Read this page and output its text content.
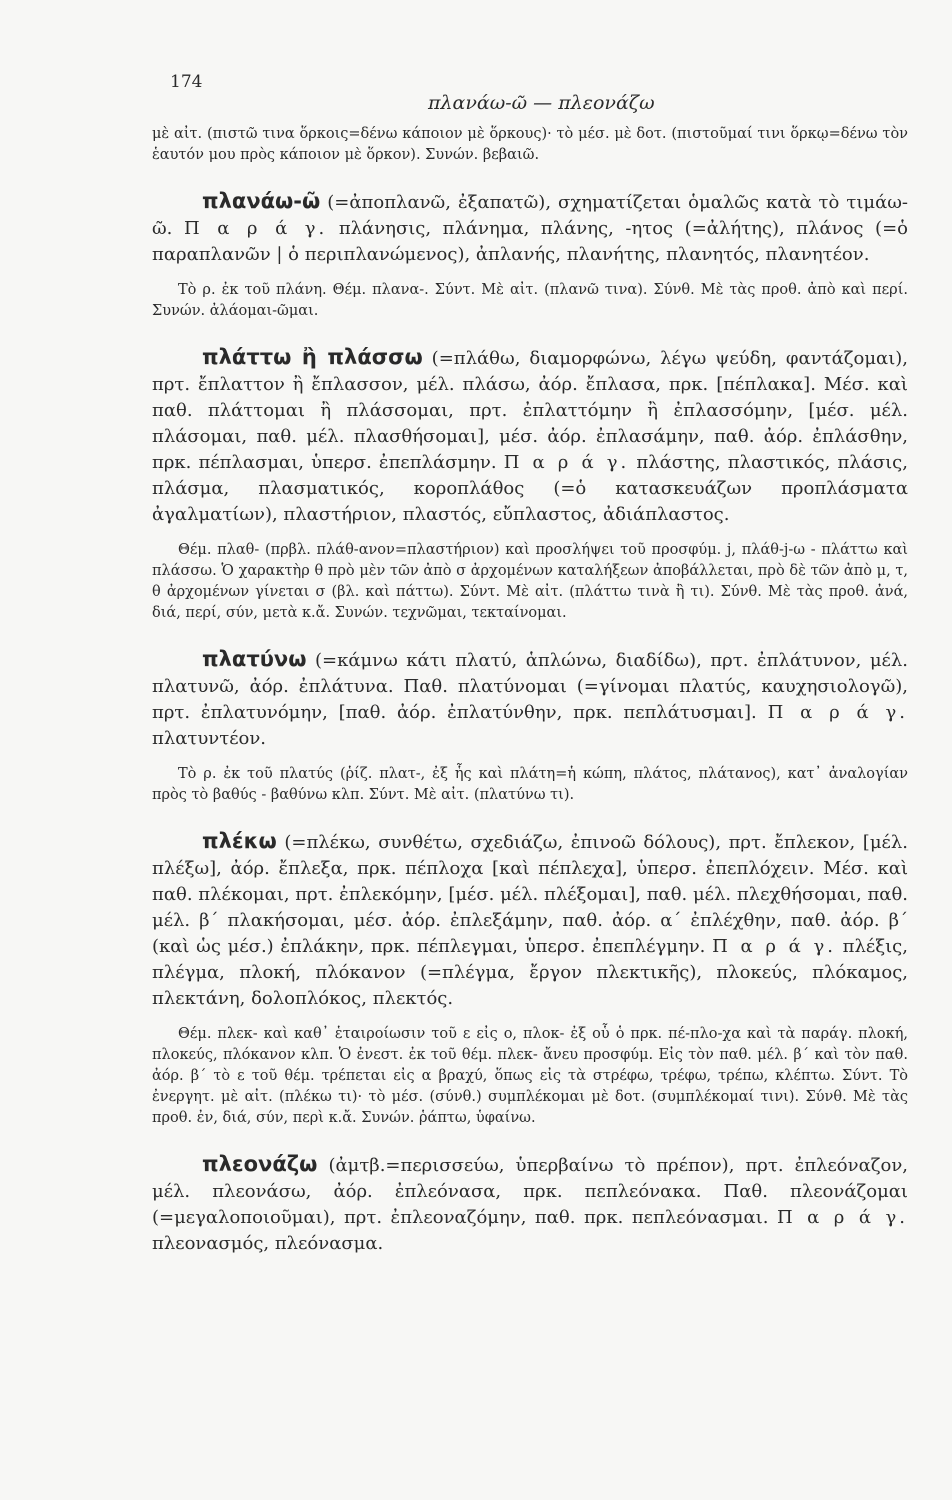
174
πλανάω-ῶ — πλεονάζω

μὲ αἰτ. (πιστῶ τινα ὅρκοις=δένω κάποιον μὲ ὅρκους)· τὸ μέσ. μὲ δοτ. (πιστοῦμαί τινι ὅρκῳ=δένω τὸν ἑαυτόν μου πρὸς κάποιον μὲ ὅρκον). Συνών. βεβαιῶ.

πλανάω-ῶ (=ἀποπλανῶ, ἐξαπατῶ), σχηματίζεται ὁμαλῶς κατὰ τὸ τιμάω-ῶ. Π α ρ ά γ. πλάνησις, πλάνημα, πλάνης, -ητος (=ἀλήτης), πλάνος (=ὁ παραπλανῶν | ὁ περιπλανώμενος), ἀπλανής, πλανήτης, πλανητός, πλανητέον.

Τὸ ρ. ἐκ τοῦ πλάνη. Θέμ. πλανα-. Σύντ. Μὲ αἰτ. (πλανῶ τινα). Σύνθ. Μὲ τὰς προθ. ἀπὸ καὶ περί. Συνών. ἀλάομαι-ῶμαι.

πλάττω ἢ πλάσσω (=πλάθω, διαμορφώνω, λέγω ψεύδη, φαντάζομαι), πρτ. ἔπλαττον ἢ ἔπλασσον, μέλ. πλάσω, ἀόρ. ἔπλασα, πρκ. [πέπλακα]. Μέσ. καὶ παθ. πλάττομαι ἢ πλάσσομαι, πρτ. ἐπλαττόμην ἢ ἐπλασσόμην, [μέσ. μέλ. πλάσομαι, παθ. μέλ. πλασθήσομαι], μέσ. ἀόρ. ἐπλασάμην, παθ. ἀόρ. ἐπλάσθην, πρκ. πέπλασμαι, ὑπερσ. ἐπεπλάσμην. Π α ρ ά γ. πλάστης, πλαστικός, πλάσις, πλάσμα, πλασματικός, κοροπλάθος (=ὁ κατασκευάζων προπλάσματα ἀγαλματίων), πλαστήριον, πλαστός, εὔπλαστος, ἀδιάπλαστος.

Θέμ. πλαθ- (πρβλ. πλάθ-ανον=πλαστήριον) καὶ προσλήψει τοῦ προσφύμ. j, πλάθ-j-ω - πλάττω καὶ πλάσσω. Ὁ χαρακτὴρ θ πρὸ μὲν τῶν ἀπὸ σ ἀρχομένων καταλήξεων ἀποβάλλεται, πρὸ δὲ τῶν ἀπὸ μ, τ, θ ἀρχομένων γίνεται σ (βλ. καὶ πάττω). Σύντ. Μὲ αἰτ. (πλάττω τινὰ ἢ τι). Σύνθ. Μὲ τὰς προθ. ἀνά, διά, περί, σύν, μετὰ κ.ἄ. Συνών. τεχνῶμαι, τεκταίνομαι.

πλατύνω (=κάμνω κάτι πλατύ, ἁπλώνω, διαδίδω), πρτ. ἐπλάτυνον, μέλ. πλατυνῶ, ἀόρ. ἐπλάτυνα. Παθ. πλατύνομαι (=γίνομαι πλατύς, καυχησιολογῶ), πρτ. ἐπλατυνόμην, [παθ. ἀόρ. ἐπλατύνθην, πρκ. πεπλάτυσμαι]. Π α ρ ά γ. πλατυντέον.

Τὸ ρ. ἐκ τοῦ πλατύς (ῥίζ. πλατ-, ἐξ ἧς καὶ πλάτη=ἡ κώπη, πλάτος, πλάτανος), κατ᾽ ἀναλογίαν πρὸς τὸ βαθύς - βαθύνω κλπ. Σύντ. Μὲ αἰτ. (πλατύνω τι).

πλέκω (=πλέκω, συνθέτω, σχεδιάζω, ἐπινοῶ δόλους), πρτ. ἔπλεκον, [μέλ. πλέξω], ἀόρ. ἔπλεξα, πρκ. πέπλοχα [καὶ πέπλεχα], ὑπερσ. ἐπεπλόχειν. Μέσ. καὶ παθ. πλέκομαι, πρτ. ἐπλεκόμην, [μέσ. μέλ. πλέξομαι], παθ. μέλ. πλεχθήσομαι, παθ. μέλ. β´ πλακήσομαι, μέσ. ἀόρ. ἐπλεξάμην, παθ. ἀόρ. α´ ἐπλέχθην, παθ. ἀόρ. β´ (καὶ ὡς μέσ.) ἐπλάκην, πρκ. πέπλεγμαι, ὑπερσ. ἐπεπλέγμην. Π α ρ ά γ. πλέξις, πλέγμα, πλοκή, πλόκανον (=πλέγμα, ἔργον πλεκτικῆς), πλοκεύς, πλόκαμος, πλεκτάνη, δολοπλόκος, πλεκτός.

Θέμ. πλεκ- καὶ καθ᾽ ἑταιροίωσιν τοῦ ε εἰς ο, πλοκ- ἐξ οὗ ὁ πρκ. πέ-πλο-χα καὶ τὰ παράγ. πλοκή, πλοκεύς, πλόκανον κλπ. Ὁ ἐνεστ. ἐκ τοῦ θέμ. πλεκ- ἄνευ προσφύμ. Εἰς τὸν παθ. μέλ. β´ καὶ τὸν παθ. ἀόρ. β´ τὸ ε τοῦ θέμ. τρέπεται εἰς α βραχύ, ὅπως εἰς τὰ στρέφω, τρέφω, τρέπω, κλέπτω. Σύντ. Τὸ ἐνεργητ. μὲ αἰτ. (πλέκω τι)· τὸ μέσ. (σύνθ.) συμπλέκομαι μὲ δοτ. (συμπλέκομαί τινι). Σύνθ. Μὲ τὰς προθ. ἐν, διά, σύν, περὶ κ.ἄ. Συνών. ῥάπτω, ὑφαίνω.

πλεονάζω (ἀμτβ.=περισσεύω, ὑπερβαίνω τὸ πρέπον), πρτ. ἐπλεόναζον, μέλ. πλεονάσω, ἀόρ. ἐπλεόνασα, πρκ. πεπλεόνακα. Παθ. πλεονάζομαι (=μεγαλοποιοῦμαι), πρτ. ἐπλεοναζόμην, παθ. πρκ. πεπλεόνασμαι. Π α ρ ά γ. πλεονασμός, πλεόνασμα.
